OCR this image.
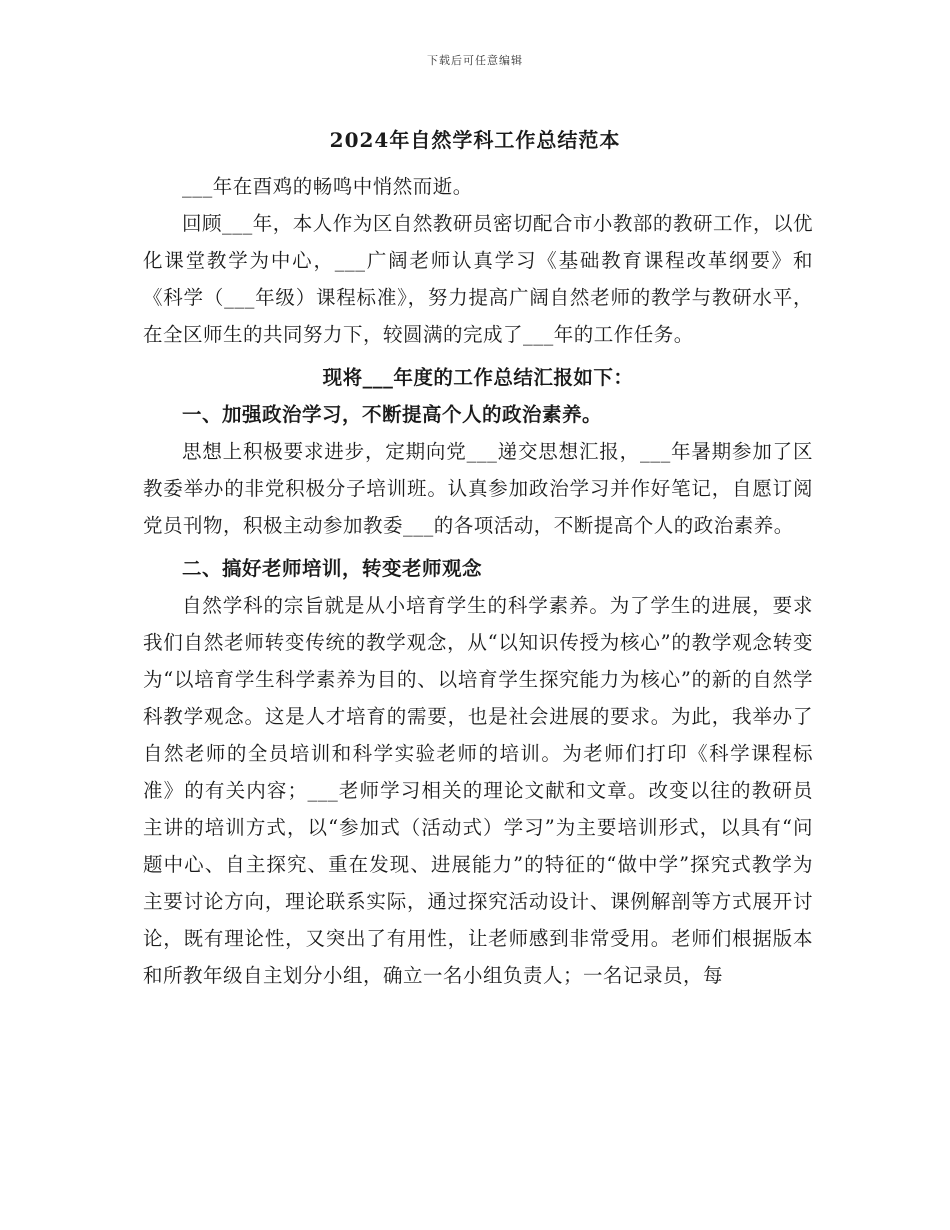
下载后可任意编辑
2024年自然学科工作总结范本

___年在酉鸡的畅鸣中悄然而逝。

回顾___年，本人作为区自然教研员密切配合市小教部的教研工作，以优化课堂教学为中心，___广阔老师认真学习《基础教育课程改革纲要》和《科学（___年级）课程标准》，努力提高广阔自然老师的教学与教研水平，在全区师生的共同努力下，较圆满的完成了___年的工作任务。

现将___年度的工作总结汇报如下：

一、加强政治学习，不断提高个人的政治素养。

思想上积极要求进步，定期向党___递交思想汇报，___年暑期参加了区教委举办的非党积极分子培训班。认真参加政治学习并作好笔记，自愿订阅党员刊物，积极主动参加教委___的各项活动，不断提高个人的政治素养。

二、搞好老师培训，转变老师观念

自然学科的宗旨就是从小培育学生的科学素养。为了学生的进展，要求我们自然老师转变传统的教学观念，从“以知识传授为核心”的教学观念转变为“以培育学生科学素养为目的、以培育学生探究能力为核心”的新的自然学科教学观念。这是人才培育的需要，也是社会进展的要求。为此，我举办了自然老师的全员培训和科学实验老师的培训。为老师们打印《科学课程标准》的有关内容；___老师学习相关的理论文献和文章。改变以往的教研员主讲的培训方式，以“参加式（活动式）学习”为主要培训形式，以具有“问题中心、自主探究、重在发现、进展能力”的特征的“做中学”探究式教学为主要讨论方向，理论联系实际，通过探究活动设计、课例解剖等方式展开讨论，既有理论性，又突出了有用性，让老师感到非常受用。老师们根据版本和所教年级自主划分小组，确立一名小组负责人；一名记录员，每
